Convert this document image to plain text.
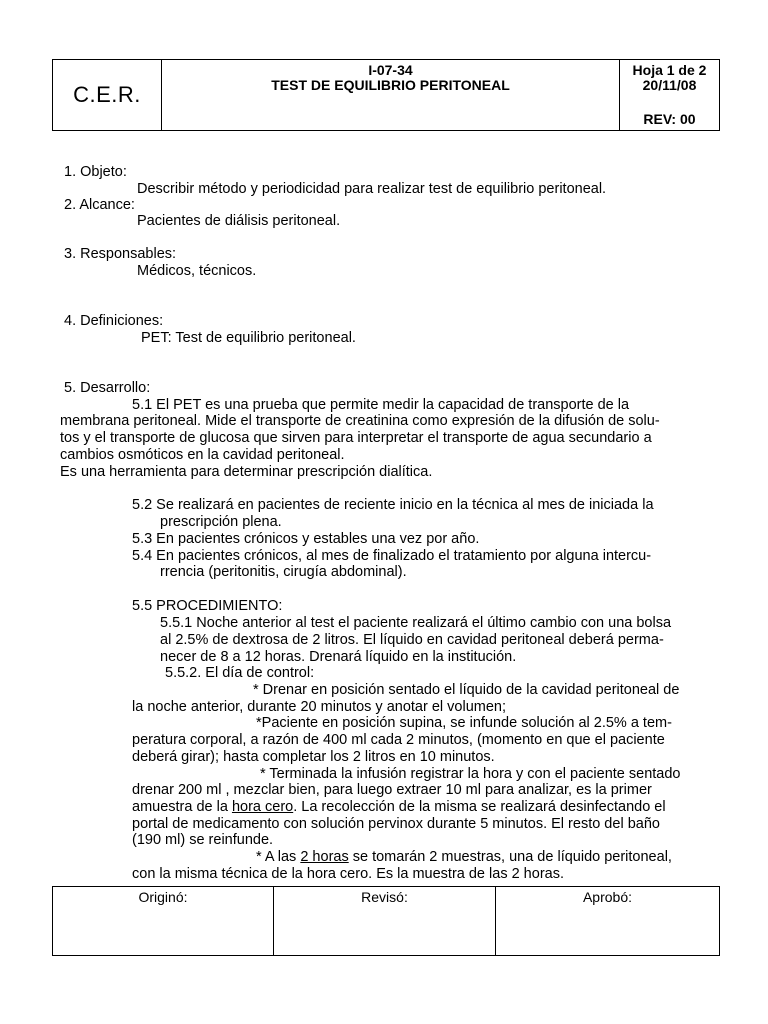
C.E.R.
I-07-34
TEST DE EQUILIBRIO PERITONEAL
Hoja 1 de 2
20/11/08
REV: 00
1. Objeto:
Describir método y periodicidad para realizar test de equilibrio peritoneal.
2. Alcance:
Pacientes de diálisis peritoneal.
3. Responsables:
Médicos, técnicos.
4. Definiciones:
PET: Test de equilibrio peritoneal.
5. Desarrollo:
5.1 El PET es una prueba que permite medir la capacidad de transporte de la
membrana peritoneal. Mide el transporte de creatinina como expresión de la difusión de solu-
tos y el transporte de glucosa que sirven para interpretar el transporte de agua secundario a
cambios osmóticos en la cavidad peritoneal.
Es una herramienta para determinar prescripción dialítica.
5.2 Se realizará en pacientes de reciente inicio en la técnica al mes de iniciada la
prescripción plena.
5.3 En pacientes crónicos y estables una vez por año.
5.4 En pacientes crónicos, al mes de finalizado el tratamiento por alguna intercu-
rrencia (peritonitis, cirugía abdominal).
5.5 PROCEDIMIENTO:
5.5.1 Noche anterior al test el paciente realizará el último cambio con una bolsa
al 2.5% de dextrosa de 2 litros. El líquido en cavidad peritoneal deberá perma-
necer de 8 a 12 horas. Drenará líquido en la institución.
5.5.2. El día de control:
* Drenar en posición sentado el líquido de la cavidad peritoneal de
la noche anterior, durante 20 minutos y anotar el volumen;
*Paciente en posición supina, se infunde solución al 2.5% a tem-
peratura corporal, a razón de 400 ml cada 2 minutos, (momento en que el paciente
deberá girar); hasta completar los 2 litros en 10 minutos.
* Terminada la infusión registrar la hora y con el paciente sentado
drenar 200 ml , mezclar bien, para luego extraer 10 ml para analizar, es la primer
amuestra de la hora cero. La recolección de la misma se realizará desinfectando el
portal de medicamento con solución pervinox durante 5 minutos. El resto del baño
(190 ml) se reinfunde.
* A las 2 horas se tomarán 2 muestras, una de líquido peritoneal,
con la misma técnica de la hora cero. Es la muestra de las 2 horas.
Originó:	Revisó:	Aprobó:
